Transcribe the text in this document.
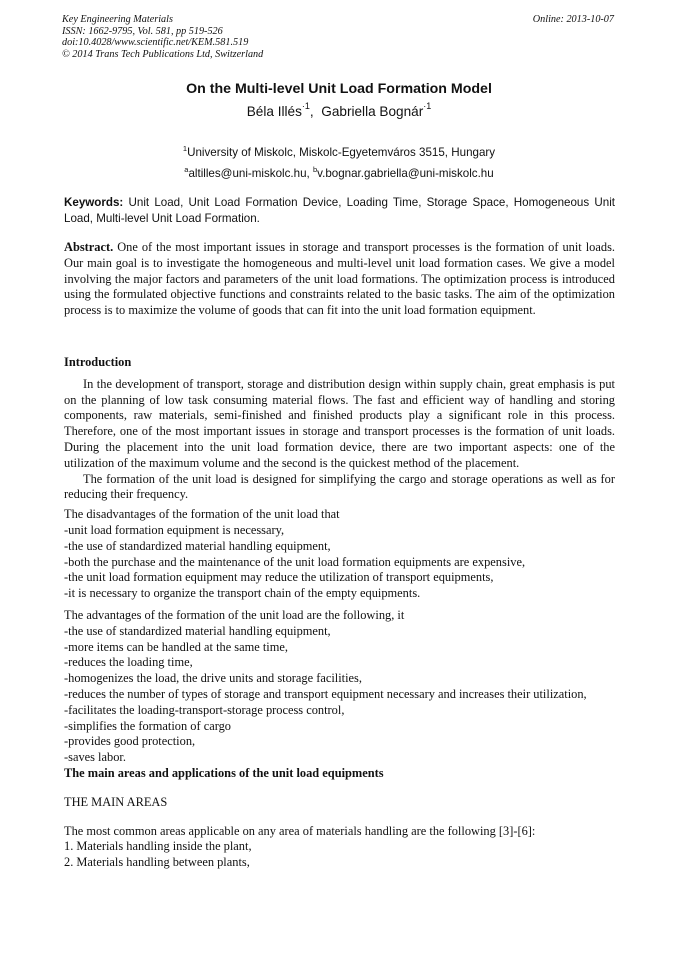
Key Engineering Materials
ISSN: 1662-9795, Vol. 581, pp 519-526
doi:10.4028/www.scientific.net/KEM.581.519
© 2014 Trans Tech Publications Ltd, Switzerland
Online: 2013-10-07
On the Multi-level Unit Load Formation Model
Béla Illés$^{\cdot 1}$, Gabriella Bognár$^{\cdot 1}$
$^1$University of Miskolc, Miskolc-Egyetemváros 3515, Hungary
$^a$altilles@uni-miskolc.hu, $^b$v.bognar.gabriella@uni-miskolc.hu
Keywords: Unit Load, Unit Load Formation Device, Loading Time, Storage Space, Homogeneous Unit Load, Multi-level Unit Load Formation.
Abstract. One of the most important issues in storage and transport processes is the formation of unit loads. Our main goal is to investigate the homogeneous and multi-level unit load formation cases. We give a model involving the major factors and parameters of the unit load formations. The optimization process is introduced using the formulated objective functions and constraints related to the basic tasks. The aim of the optimization process is to maximize the volume of goods that can fit into the unit load formation equipment.

Introduction

In the development of transport, storage and distribution design within supply chain, great emphasis is put on the planning of low task consuming material flows. The fast and efficient way of handling and storing components, raw materials, semi-finished and finished products play a significant role in this process. Therefore, one of the most important issues in storage and transport processes is the formation of unit loads. During the placement into the unit load formation device, there are two important aspects: one of the utilization of the maximum volume and the second is the quickest method of the placement.

The formation of the unit load is designed for simplifying the cargo and storage operations as well as for reducing their frequency.

The disadvantages of the formation of the unit load that

-unit load formation equipment is necessary,

-the use of standardized material handling equipment,

-both the purchase and the maintenance of the unit load formation equipments are expensive,

-the unit load formation equipment may reduce the utilization of transport equipments,

-it is necessary to organize the transport chain of the empty equipments.

The advantages of the formation of the unit load are the following, it

-the use of standardized material handling equipment,

-more items can be handled at the same time,

-reduces the loading time,

-homogenizes the load, the drive units and storage facilities,

-reduces the number of types of storage and transport equipment necessary and increases their utilization,

-facilitates the loading-transport-storage process control,

-simplifies the formation of cargo

-provides good protection,

-saves labor.

The main areas and applications of the unit load equipments

THE MAIN AREAS

The most common areas applicable on any area of materials handling are the following [3]-[6]:

1. Materials handling inside the plant,

2. Materials handling between plants,
